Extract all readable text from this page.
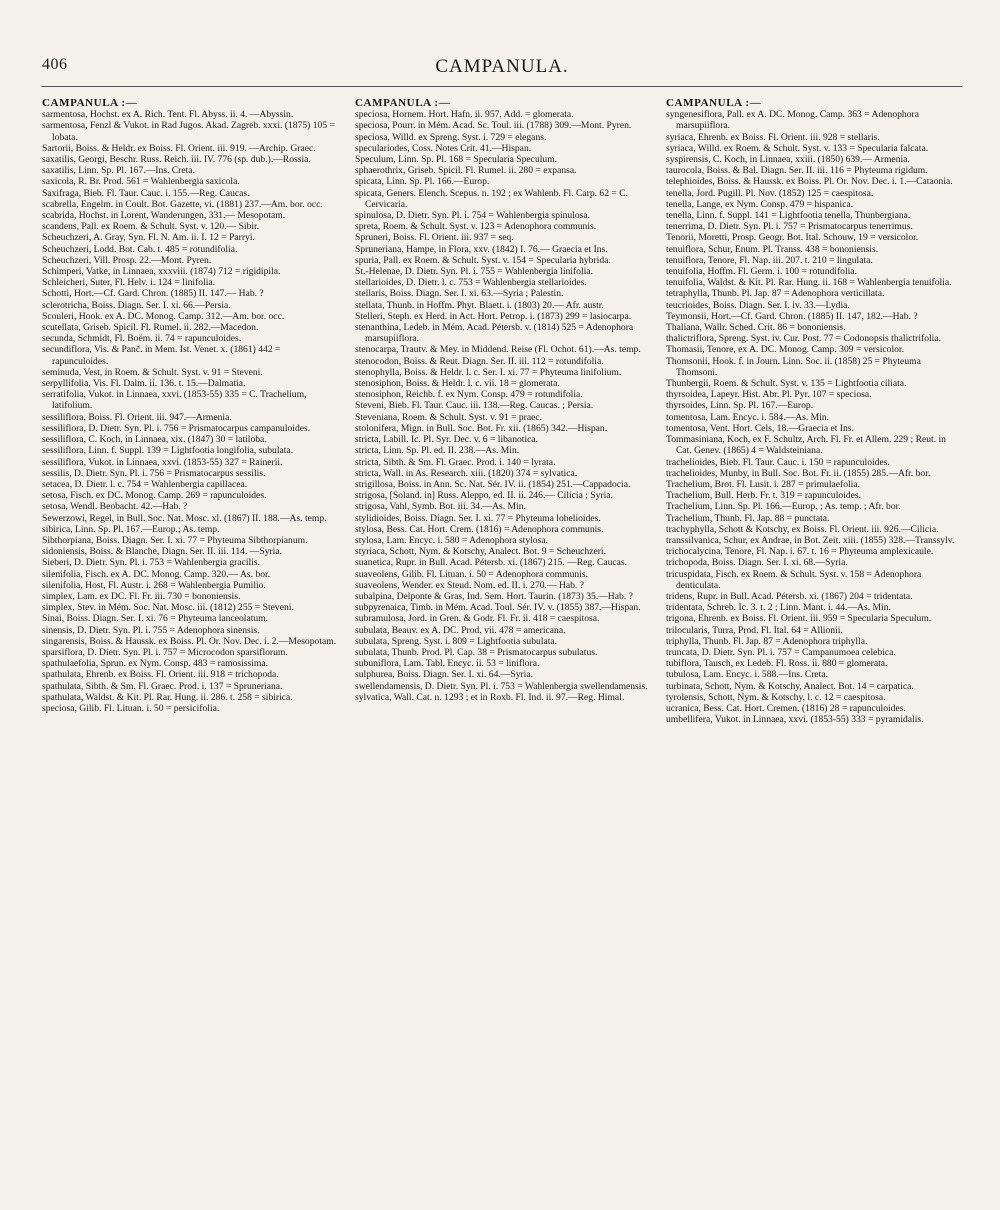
406	CAMPANULA.
CAMPANULA :—

sarmentosa, Hochst. ex A. Rich. Tent. Fl. Abyss. ii. 4. —Abyssin.

sarmentosa, Fenzl & Vukot. in Rad Jugos. Akad. Zagreb. xxxi. (1875) 105 = lobata.

Sartorii, Boiss. & Heldr. ex Boiss. Fl. Orient. iii. 919. —Archip. Graec.

saxatilis, Georgi, Beschr. Russ. Reich. iii. IV. 776 (sp. dub.).—Rossia.

saxatilis, Linn. Sp. Pl. 167.—Ins. Creta.

saxicola, R. Br. Prod. 561 = Wahlenbergia saxicola.

Saxifraga, Bieb. Fl. Taur. Cauc. i. 155.—Reg. Caucas.

scabrella, Engelm. in Coult. Bot. Gazette, vi. (1881) 237.—Am. bor. occ.

scabrida, Hochst. in Lorent, Wanderungen, 331.— Mesopotam.

scandens, Pall. ex Roem. & Schult. Syst. v. 120.— Sibir.

Scheuchzeri, A. Gray, Syn. Fl. N. Am. ii. I. 12 = Parryi.

Scheuchzeri, Lodd. Bot. Cab. t. 485 = rotundifolia.

Scheuchzeri, Vill. Prosp. 22.—Mont. Pyren.

Schimperi, Vatke, in Linnaea, xxxviii. (1874) 712 = rigidipila.

Schleicheri, Suter, Fl. Helv. i. 124 = linifolia.

Schotti, Hort.—Cf. Gard. Chron. (1885) II. 147.— Hab. ?

sclerotricha, Boiss. Diagn. Ser. I. xi. 66.—Persia.

Scouleri, Hook. ex A. DC. Monog. Camp. 312.—Am. bor. occ.

scutellata, Griseb. Spicil. Fl. Rumel. ii. 282.—Macedon.

secunda, Schmidt, Fl. Boëm. ii. 74 = rapunculoides.

secundiflora, Vis. & Panč. in Mem. Ist. Venet. x. (1861) 442 = rapunculoides.

seminuda, Vest, in Roem. & Schult. Syst. v. 91 = Steveni.

serpyllifolia, Vis. Fl. Dalm. ii. 136. t. 15.—Dalmatia.

serratifolia, Vukot. in Linnaea, xxvi. (1853-55) 335 = C. Trachelium, latifolium.

sessiliflora, Boiss. Fl. Orient. iii. 947.—Armenia.

sessiliflora, D. Dietr. Syn. Pl. i. 756 = Prismatocarpus campanuloides.

sessiliflora, C. Koch, in Linnaea, xix. (1847) 30 = latiloba.

sessiliflora, Linn. f. Suppl. 139 = Lightfootia longifolia, subulata.

sessiliflora, Vukot. in Linnaea, xxvi. (1853-55) 327 = Rainerii.

sessilis, D. Dietr. Syn. Pl. i. 756 = Prismatocarpus sessilis.

setacea, D. Dietr. l. c. 754 = Wahlenbergia capillacea.

setosa, Fisch. ex DC. Monog. Camp. 269 = rapunculoides.

setosa, Wendl. Beobacht. 42.—Hab. ?

Sewerzowi, Regel, in Bull. Soc. Nat. Mosc. xl. (1867) II. 188.—As. temp.

sibirica, Linn. Sp. Pl. 167.—Europ.; As. temp.

Sibthorpiana, Boiss. Diagn. Ser. I. xi. 77 = Phyteuma Sibthorpianum.

sidoniensis, Boiss. & Blanche, Diagn. Ser. II. iii. 114. —Syria.

Sieberi, D. Dietr. Syn. Pl. i. 753 = Wahlenbergia gracilis.

silenifolia, Fisch. ex A. DC. Monog. Camp. 320.— As. bor.

silenifolia, Host, Fl. Austr. i. 268 = Wahlenbergia Pumilio.

simplex, Lam. ex DC. Fl. Fr. iii. 730 = bononiensis.

simplex, Stev. in Mém. Soc. Nat. Mosc. iii. (1812) 255 = Steveni.

Sinai, Boiss. Diagn. Ser. I. xi. 76 = Phyteuma lanceolatum.

sinensis, D. Dietr. Syn. Pl. i. 755 = Adenophora sinensis.

singarensis, Boiss. & Haussk. ex Boiss. Pl. Or. Nov. Dec. i. 2.—Mesopotam.

sparsiflora, D. Dietr. Syn. Pl. i. 757 = Microcodon sparsiflorum.

spathulaefolia, Sprun. ex Nym. Consp. 483 = ramosissima.

spathulata, Ehrenb. ex Boiss. Fl. Orient. iii. 918 = trichopoda.

spathulata, Sibth. & Sm. Fl. Graec. Prod. i. 137 = Spruneriana.

spathulata, Waldst. & Kit. Pl. Rar. Hung. ii. 286. t. 258 = sibirica.

speciosa, Gilib. Fl. Lituan. i. 50 = persicifolia.

CAMPANULA :—

speciosa, Hornem. Hort. Hafn. ii. 957, Add. = glomerata.

speciosa, Pourr. in Mém. Acad. Sc. Toul. iii. (1788) 309.—Mont. Pyren.

speciosa, Willd. ex Spreng. Syst. i. 729 = elegans.

speculariodes, Coss. Notes Crit. 41.—Hispan.

Speculum, Linn. Sp. Pl. 168 = Specularia Speculum.

sphaerothrix, Griseb. Spicil. Fl. Rumel. ii. 280 = expansa.

spicata, Linn. Sp. Pl. 166.—Europ.

spicata, Geners. Elench. Scepus. n. 192 ; ex Wahlenb. Fl. Carp. 62 = C. Cervicaria.

spinulosa, D. Dietr. Syn. Pl. i. 754 = Wahlenbergia spinulosa.

spreta, Roem. & Schult. Syst. v. 123 = Adenophora communis.

Spruneri, Boiss. Fl. Orient. iii. 937 = seq.

Spruneriana, Hampe, in Flora, xxv. (1842) I. 76.— Graecia et Ins.

spuria, Pall. ex Roem. & Schult. Syst. v. 154 = Specularia hybrida.

St.-Helenae, D. Dietr. Syn. Pl. i. 755 = Wahlenbergia linifolia.

stellarioides, D. Dietr. l. c. 753 = Wahlenbergia stellarioides.

stellaris, Boiss. Diagn. Ser. I. xi. 63.—Syria ; Palestin.

stellata, Thunb. in Hoffm. Phyt. Blaett. i. (1803) 20.— Afr. austr.

Stelleri, Steph. ex Herd. in Act. Hort. Petrop. i. (1873) 299 = lasiocarpa.

stenanthina, Ledeb. in Mém. Acad. Pétersb. v. (1814) 525 = Adenophora marsupiiflora.

stenocarpa, Trautv. & Mey. in Middend. Reise (Fl. Ochot. 61).—As. temp.

stenocodon, Boiss. & Reut. Diagn. Ser. II. iii. 112 = rotundifolia.

stenophylla, Boiss. & Heldr. l. c. Ser. I. xi. 77 = Phyteuma linifolium.

stenosiphon, Boiss. & Heldr. l. c. vii. 18 = glomerata.

stenosiphon, Reichb. f. ex Nym. Consp. 479 = rotundifolia.

Steveni, Bieb. Fl. Taur. Cauc. iii. 138.—Reg. Caucas. ; Persia.

Steveniana, Roem. & Schult. Syst. v. 91 = praec.

stolonifera, Mign. in Bull. Soc. Bot. Fr. xii. (1865) 342.—Hispan.

stricta, Labill. Ic. Pl. Syr. Dec. v. 6 = libanotica.

stricta, Linn. Sp. Pl. ed. II. 238.—As. Min.

stricta, Sibth. & Sm. Fl. Graec. Prod. i. 140 = lyrata.

stricta, Wall. in As. Research. xiii. (1820) 374 = sylvatica.

strigillosa, Boiss. in Ann. Sc. Nat. Sér. IV. ii. (1854) 251.—Cappadocia.

strigosa, [Soland. in] Russ. Aleppo, ed. II. ii. 246.— Cilicia ; Syria.

strigosa, Vahl, Symb. Bot. iii. 34.—As. Min.

stylidioides, Boiss. Diagn. Ser. I. xi. 77 = Phyteuma lobelioides.

stylosa, Bess. Cat. Hort. Crem. (1816) = Adenophora communis.

stylosa, Lam. Encyc. i. 580 = Adenophora stylosa.

styriaca, Schott, Nym. & Kotschy, Analect. Bot. 9 = Scheuchzeri.

suanetica, Rupr. in Bull. Acad. Pétersb. xi. (1867) 215. —Reg. Caucas.

suaveolens, Gilib. Fl. Lituan. i. 50 = Adenophora communis.

suaveolens, Wender. ex Steud. Nom. ed. II. i. 270.— Hab. ?

subalpina, Delponte & Gras, Ind. Sem. Hort. Taurin. (1873) 35.—Hab. ?

subpyrenaica, Timb. in Mém. Acad. Toul. Sér. IV. v. (1855) 387.—Hispan.

subramulosa, Jord. in Gren. & Godr. Fl. Fr. ii. 418 = caespitosa.

subulata, Beauv. ex A. DC. Prod. vii. 478 = americana.

subulata, Spreng. Syst. i. 809 = Lightfootia subulata.

subulata, Thunb. Prod. Pl. Cap. 38 = Prismatocarpus subulatus.

subuniflora, Lam. Tabl. Encyc. ii. 53 = liniflora.

sulphurea, Boiss. Diagn. Ser. I. xi. 64.—Syria.

swellendamensis, D. Dietr. Syn. Pl. i. 753 = Wahlenbergia swellendamensis.

sylvatica, Wall. Cat. n. 1293 ; et in Roxb. Fl. Ind. ii. 97.—Reg. Himal.

CAMPANULA :—

syngenesiflora, Pall. ex A. DC. Monog. Camp. 363 = Adenophora marsupiiflora.

syriaca, Ehrenb. ex Boiss. Fl. Orient. iii. 928 = stellaris.

syriaca, Willd. ex Roem. & Schult. Syst. v. 133 = Specularia falcata.

syspirensis, C. Koch, in Linnaea, xxiii. (1850) 639.— Armenia.

taurocola, Boiss. & Bal. Diagn. Ser. II. iii. 116 = Phyteuma rigidum.

telephioides, Boiss. & Haussk. ex Boiss. Pl. Or. Nov. Dec. i. 1.—Cataonia.

tenella, Jord. Pugill. Pl. Nov. (1852) 125 = caespitosa.

tenella, Lange, ex Nym. Consp. 479 = hispanica.

tenella, Linn. f. Suppl. 141 = Lightfootia tenella, Thunbergiana.

tenerrima, D. Dietr. Syn. Pl. i. 757 = Prismatocarpus tenerrimus.

Tenorii, Moretti, Prosp. Geogr. Bot. Ital. Schouw, 19 = versicolor.

tenuiflora, Schur, Enum. Pl. Transs. 438 = bononiensis.

tenuiflora, Tenore, Fl. Nap. iii. 207. t. 210 = lingulata.

tenuifolia, Hoffm. Fl. Germ. i. 100 = rotundifolia.

tenuifolia, Waldst. & Kit. Pl. Rar. Hung. ii. 168 = Wahlenbergia tenuifolia.

tetraphylla, Thunb. Pl. Jap. 87 = Adenophora verticillata.

teucrioides, Boiss. Diagn. Ser. I. iv. 33.—Lydia.

Teymonsii, Hort.—Cf. Gard. Chron. (1885) II. 147, 182.—Hab. ?

Thaliana, Wallr. Sched. Crit. 86 = bononiensis.

thalictriflora, Spreng. Syst. iv. Cur. Post. 77 = Codonopsis thalictrifolia.

Thomasii, Tenore, ex A. DC. Monog. Camp. 309 = versicolor.

Thomsonii, Hook. f. in Journ. Linn. Soc. ii. (1858) 25 = Phyteuma Thomsoni.

Thunbergii, Roem. & Schult. Syst. v. 135 = Lightfootia ciliata.

thyrsoidea, Lapeyr. Hist. Abr. Pl. Pyr. 107 = speciosa.

thyrsoides, Linn. Sp. Pl. 167.—Europ.

tomentosa, Lam. Encyc. i. 584.—As. Min.

tomentosa, Vent. Hort. Cels, 18.—Graecia et Ins.

Tommasiniana, Koch, ex F. Schultz, Arch. Fl. Fr. et Allem. 229 ; Reut. in Cat. Genev. (1865) 4 = Waldsteiniana.

trachelioides, Bieb. Fl. Taur. Cauc. i. 150 = rapunculoides.

trachelioides, Munby, in Bull. Soc. Bot. Fr. ii. (1855) 285.—Afr. bor.

Trachelium, Brot. Fl. Lusit. i. 287 = primulaefolia.

Trachelium, Bull. Herb. Fr. t. 319 = rapunculoides.

Trachelium, Linn. Sp. Pl. 166.—Europ. ; As. temp. ; Afr. bor.

Trachelium, Thunb. Fl. Jap. 88 = punctata.

trachyphylla, Schott & Kotschy, ex Boiss. Fl. Orient. iii. 926.—Cilicia.

transsilvanica, Schur, ex Andrae, in Bot. Zeit. xiii. (1855) 328.—Transsylv.

trichocalycina, Tenore, Fl. Nap. i. 67. t. 16 = Phyteuma amplexicaule.

trichopoda, Boiss. Diagn. Ser. I. xi. 68.—Syria.

tricuspidata, Fisch. ex Roem. & Schult. Syst. v. 158 = Adenophora denticulata.

tridens, Rupr. in Bull. Acad. Pétersb. xi. (1867) 204 = tridentata.

tridentata, Schreb. Ic. 3. t. 2 ; Linn. Mant. i. 44.—As. Min.

trigona, Ehrenb. ex Boiss. Fl. Orient. iii. 959 = Specularia Speculum.

trilocularis, Turra, Prod. Fl. Ital. 64 = Allionii.

triphylla, Thunb. Fl. Jap. 87 = Adenophora triphylla.

truncata, D. Dietr. Syn. Pl. i. 757 = Campanumoea celebica.

tubiflora, Tausch, ex Ledeb. Fl. Ross. ii. 880 = glomerata.

tubulosa, Lam. Encyc. i. 588.—Ins. Creta.

turbinata, Schott, Nym. & Kotschy, Analect. Bot. 14 = carpatica.

tyrolensis, Schott, Nym. & Kotschy, l. c. 12 = caespitosa.

ucranica, Bess. Cat. Hort. Cremen. (1816) 28 = rapunculoides.

umbellifera, Vukot. in Linnaea, xxvi. (1853-55) 333 = pyramidalis.
